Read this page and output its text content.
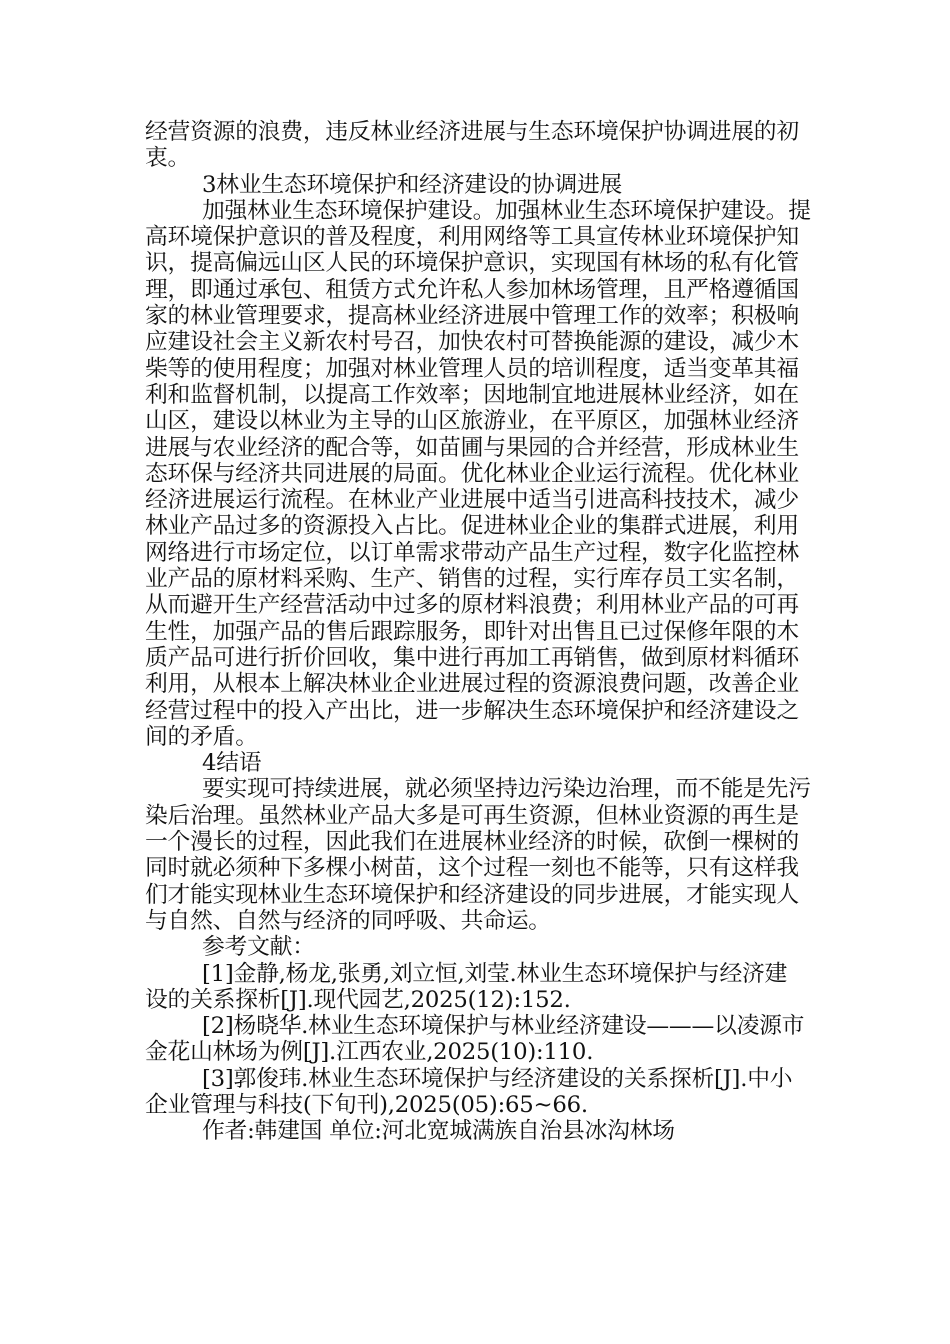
经营资源的浪费，违反林业经济进展与生态环境保护协调进展的初
衷。
3林业生态环境保护和经济建设的协调进展
加强林业生态环境保护建设。加强林业生态环境保护建设。提
高环境保护意识的普及程度，利用网络等工具宣传林业环境保护知
识，提高偏远山区人民的环境保护意识，实现国有林场的私有化管
理，即通过承包、租赁方式允许私人参加林场管理，且严格遵循国
家的林业管理要求，提高林业经济进展中管理工作的效率；积极响
应建设社会主义新农村号召，加快农村可替换能源的建设，减少木
柴等的使用程度；加强对林业管理人员的培训程度，适当变革其福
利和监督机制，以提高工作效率；因地制宜地进展林业经济，如在
山区，建设以林业为主导的山区旅游业，在平原区，加强林业经济
进展与农业经济的配合等，如苗圃与果园的合并经营，形成林业生
态环保与经济共同进展的局面。优化林业企业运行流程。优化林业
经济进展运行流程。在林业产业进展中适当引进高科技技术，减少
林业产品过多的资源投入占比。促进林业企业的集群式进展，利用
网络进行市场定位，以订单需求带动产品生产过程，数字化监控林
业产品的原材料采购、生产、销售的过程，实行库存员工实名制，
从而避开生产经营活动中过多的原材料浪费；利用林业产品的可再
生性，加强产品的售后跟踪服务，即针对出售且已过保修年限的木
质产品可进行折价回收，集中进行再加工再销售，做到原材料循环
利用，从根本上解决林业企业进展过程的资源浪费问题，改善企业
经营过程中的投入产出比，进一步解决生态环境保护和经济建设之
间的矛盾。
4结语
要实现可持续进展，就必须坚持边污染边治理，而不能是先污
染后治理。虽然林业产品大多是可再生资源，但林业资源的再生是
一个漫长的过程，因此我们在进展林业经济的时候，砍倒一棵树的
同时就必须种下多棵小树苗，这个过程一刻也不能等，只有这样我
们才能实现林业生态环境保护和经济建设的同步进展，才能实现人
与自然、自然与经济的同呼吸、共命运。
参考文献：
[1]金静,杨龙,张勇,刘立恒,刘莹.林业生态环境保护与经济建
设的关系探析[J].现代园艺,2025(12):152.
[2]杨晓华.林业生态环境保护与林业经济建设———以凌源市
金花山林场为例[J].江西农业,2025(10):110.
[3]郭俊玮.林业生态环境保护与经济建设的关系探析[J].中小
企业管理与科技(下旬刊),2025(05):65~66.
作者:韩建国 单位:河北宽城满族自治县冰沟林场
